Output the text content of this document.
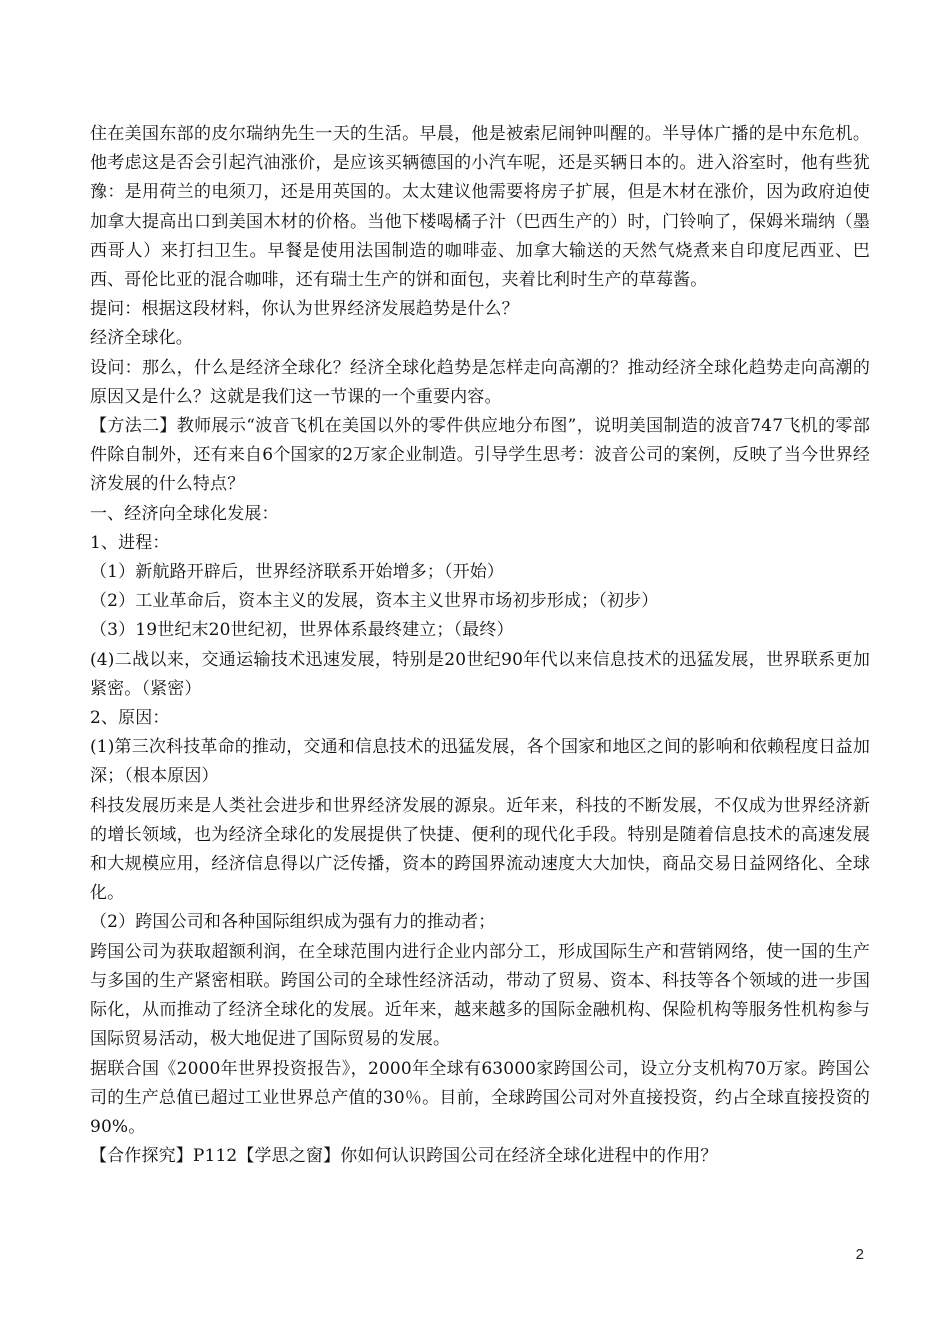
住在美国东部的皮尔瑞纳先生一天的生活。早晨，他是被索尼闹钟叫醒的。半导体广播的是中东危机。他考虑这是否会引起汽油涨价，是应该买辆德国的小汽车呢，还是买辆日本的。进入浴室时，他有些犹豫：是用荷兰的电须刀，还是用英国的。太太建议他需要将房子扩展，但是木材在涨价，因为政府迫使加拿大提高出口到美国木材的价格。当他下楼喝橘子汁（巴西生产的）时，门铃响了，保姆米瑞纳（墨西哥人）来打扫卫生。早餐是使用法国制造的咖啡壶、加拿大输送的天然气烧煮来自印度尼西亚、巴西、哥伦比亚的混合咖啡，还有瑞士生产的饼和面包，夹着比利时生产的草莓酱。

提问：根据这段材料，你认为世界经济发展趋势是什么？

经济全球化。

设问：那么，什么是经济全球化？经济全球化趋势是怎样走向高潮的？推动经济全球化趋势走向高潮的原因又是什么？这就是我们这一节课的一个重要内容。

【方法二】教师展示“波音飞机在美国以外的零件供应地分布图”，说明美国制造的波音747飞机的零部件除自制外，还有来自6个国家的2万家企业制造。引导学生思考：波音公司的案例，反映了当今世界经济发展的什么特点？

一、经济向全球化发展：

1、进程：

（1）新航路开辟后，世界经济联系开始增多；（开始）

（2）工业革命后，资本主义的发展，资本主义世界市场初步形成；（初步）

（3）19世纪末20世纪初，世界体系最终建立；（最终）

(4)二战以来，交通运输技术迅速发展，特别是20世纪90年代以来信息技术的迅猛发展，世界联系更加紧密。（紧密）

2、原因：

(1)第三次科技革命的推动，交通和信息技术的迅猛发展，各个国家和地区之间的影响和依赖程度日益加深；（根本原因）

科技发展历来是人类社会进步和世界经济发展的源泉。近年来，科技的不断发展，不仅成为世界经济新的增长领域，也为经济全球化的发展提供了快捷、便利的现代化手段。特别是随着信息技术的高速发展和大规模应用，经济信息得以广泛传播，资本的跨国界流动速度大大加快，商品交易日益网络化、全球化。

（2）跨国公司和各种国际组织成为强有力的推动者；

跨国公司为获取超额利润，在全球范围内进行企业内部分工，形成国际生产和营销网络，使一国的生产与多国的生产紧密相联。跨国公司的全球性经济活动，带动了贸易、资本、科技等各个领域的进一步国际化，从而推动了经济全球化的发展。近年来，越来越多的国际金融机构、保险机构等服务性机构参与国际贸易活动，极大地促进了国际贸易的发展。

据联合国《2000年世界投资报告》，2000年全球有63000家跨国公司，设立分支机构70万家。跨国公司的生产总值已超过工业世界总产值的30％。目前，全球跨国公司对外直接投资，约占全球直接投资的90%。

【合作探究】P112【学思之窗】你如何认识跨国公司在经济全球化进程中的作用？

2
